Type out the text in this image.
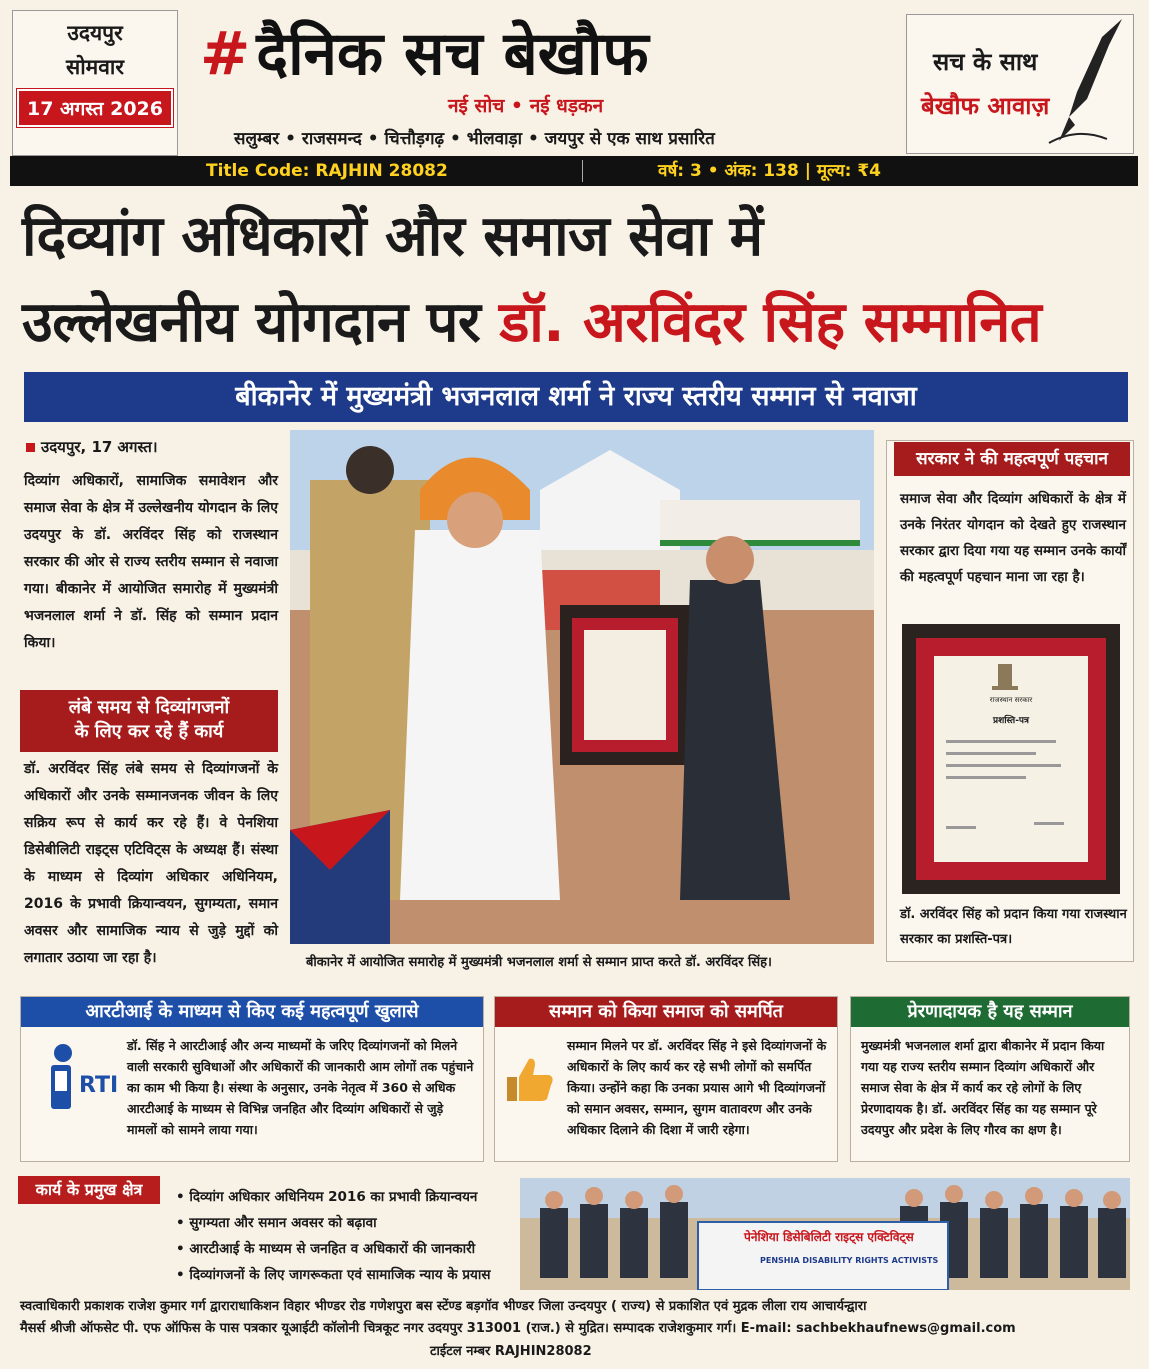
उदयपुर
सोमवार
17 अगस्त 2026
# दैनिक सच बेखौफ
नई सोच • नई धड़कन
सलुम्बर • राजसमन्द • चित्तौड़गढ़ • भीलवाड़ा • जयपुर से एक साथ प्रसारित
सच के साथ
बेखौफ आवाज़
Title Code: RAJHIN 28082	वर्ष: 3 • अंक: 138 | मूल्य: ₹4
दिव्यांग अधिकारों और समाज सेवा में
उल्लेखनीय योगदान पर डॉ. अरविंदर सिंह सम्मानित
बीकानेर में मुख्यमंत्री भजनलाल शर्मा ने राज्य स्तरीय सम्मान से नवाजा
उदयपुर, 17 अगस्त।
दिव्यांग अधिकारों, सामाजिक समावेशन और समाज सेवा के क्षेत्र में उल्लेखनीय योगदान के लिए उदयपुर के डॉ. अरविंदर सिंह को राजस्थान सरकार की ओर से राज्य स्तरीय सम्मान से नवाजा गया। बीकानेर में आयोजित समारोह में मुख्यमंत्री भजनलाल शर्मा ने डॉ. सिंह को सम्मान प्रदान किया।
लंबे समय से दिव्यांगजनों
के लिए कर रहे हैं कार्य
डॉ. अरविंदर सिंह लंबे समय से दिव्यांगजनों के अधिकारों और उनके सम्मानजनक जीवन के लिए सक्रिय रूप से कार्य कर रहे हैं। वे पेनशिया डिसेबीलिटी राइट्स एटिविट्स के अध्यक्ष हैं। संस्था के माध्यम से दिव्यांग अधिकार अधिनियम, 2016 के प्रभावी क्रियान्वयन, सुगम्यता, समान अवसर और सामाजिक न्याय से जुड़े मुद्दों को लगातार उठाया जा रहा है।	बीकानेर में आयोजित समारोह में मुख्यमंत्री भजनलाल शर्मा से सम्मान प्राप्त करते डॉ. अरविंदर सिंह।
सरकार ने की महत्वपूर्ण पहचान
समाज सेवा और दिव्यांग अधिकारों के क्षेत्र में उनके निरंतर योगदान को देखते हुए राजस्थान सरकार द्वारा दिया गया यह सम्मान उनके कार्यों की महत्वपूर्ण पहचान माना जा रहा है।
राजस्थान सरकार
प्रशस्ति-पत्र
डॉ. अरविंदर सिंह को प्रदान किया गया राजस्थान सरकार का प्रशस्ति-पत्र।
आरटीआई के माध्यम से किए कई महत्वपूर्ण खुलासे
RTI
डॉ. सिंह ने आरटीआई और अन्य माध्यमों के जरिए दिव्यांगजनों को मिलने वाली सरकारी सुविधाओं और अधिकारों की जानकारी आम लोगों तक पहुंचाने का काम भी किया है। संस्था के अनुसार, उनके नेतृत्व में 360 से अधिक आरटीआई के माध्यम से विभिन्न जनहित और दिव्यांग अधिकारों से जुड़े मामलों को सामने लाया गया।
सम्मान को किया समाज को समर्पित
सम्मान मिलने पर डॉ. अरविंदर सिंह ने इसे दिव्यांगजनों के अधिकारों के लिए कार्य कर रहे सभी लोगों को समर्पित किया। उन्होंने कहा कि उनका प्रयास आगे भी दिव्यांगजनों को समान अवसर, सम्मान, सुगम वातावरण और उनके अधिकार दिलाने की दिशा में जारी रहेगा।
प्रेरणादायक है यह सम्मान
मुख्यमंत्री भजनलाल शर्मा द्वारा बीकानेर में प्रदान किया गया यह राज्य स्तरीय सम्मान दिव्यांग अधिकारों और समाज सेवा के क्षेत्र में कार्य कर रहे लोगों के लिए प्रेरणादायक है। डॉ. अरविंदर सिंह का यह सम्मान पूरे उदयपुर और प्रदेश के लिए गौरव का क्षण है।
कार्य के प्रमुख क्षेत्र	• दिव्यांग अधिकार अधिनियम 2016 का प्रभावी क्रियान्वयन
• सुगम्यता और समान अवसर को बढ़ावा
• आरटीआई के माध्यम से जनहित व अधिकारों की जानकारी
• दिव्यांगजनों के लिए जागरूकता एवं सामाजिक न्याय के प्रयास
पेनेशिया डिसेबिलिटी राइट्स एक्टिविट्स
PENSHIA DISABILITY RIGHTS ACTIVISTS
स्वत्वाधिकारी प्रकाशक राजेश कुमार गर्ग द्वाराराधाकिशन विहार भीण्डर रोड गणेशपुरा बस स्टेंण्ड बड़गॉव भीण्डर जिला उन्दयपुर ( राज्य) से प्रकाशित एवं मुद्रक लीला राय आचार्यन्द्वारा
मैसर्स श्रीजी ऑफसेट पी. एफ ऑफिस के पास पत्रकार यूआईटी कॉलोनी चित्रकूट नगर उदयपुर 313001 (राज.) से मुद्रित। सम्पादक राजेशकुमार गर्ग। E-mail: sachbekhaufnews@gmail.com
टाईटल नम्बर RAJHIN28082
